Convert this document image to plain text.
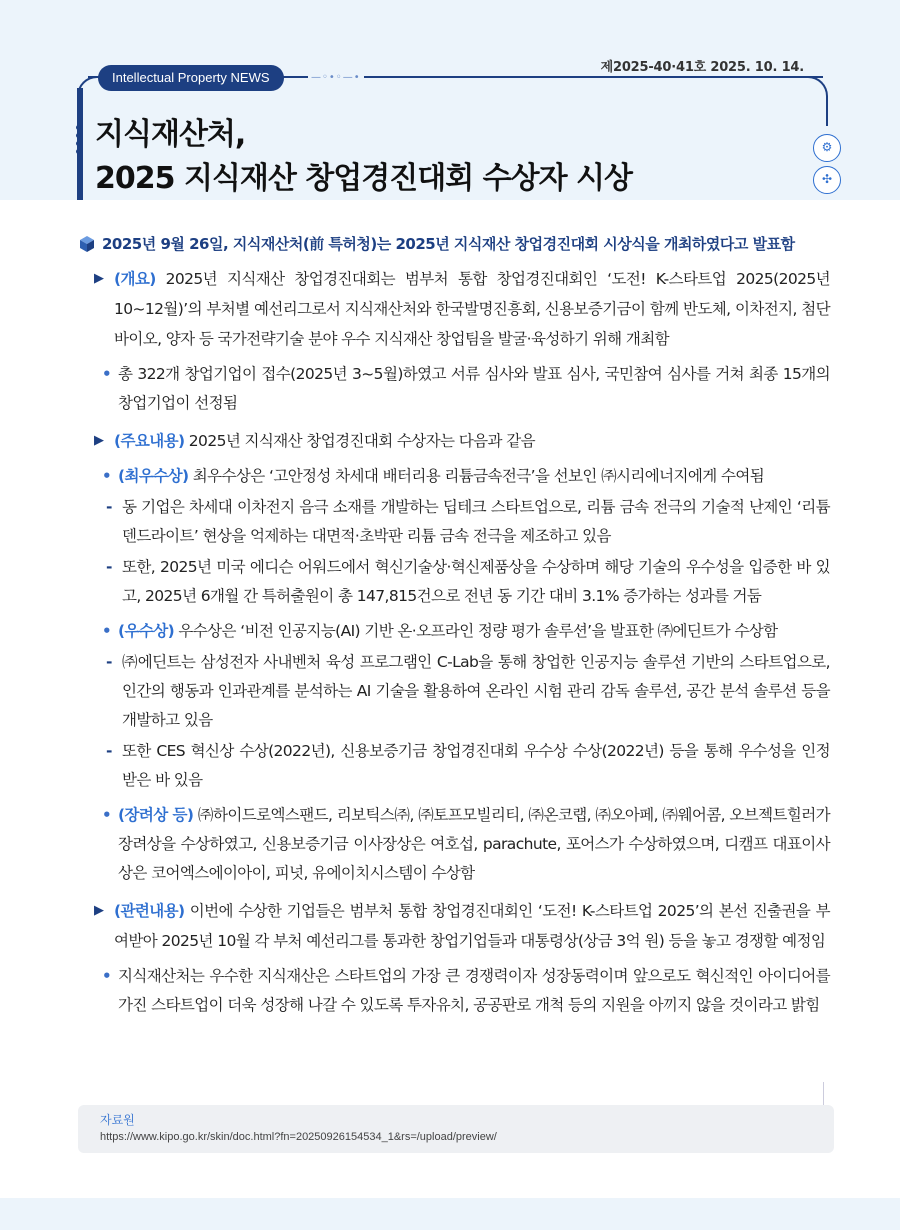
제2025-40·41호 2025. 10. 14.
Intellectual Property NEWS	—◦•◦—•
⚙
✣
지식재산처,
2025 지식재산 창업경진대회 수상자 시상
2025년 9월 26일, 지식재산처(前 특허청)는 2025년 지식재산 창업경진대회 시상식을 개최하였다고 발표함
▶ (개요) 2025년 지식재산 창업경진대회는 범부처 통합 창업경진대회인 ‘도전! K-스타트업 2025(2025년 10~12월)’의 부처별 예선리그로서 지식재산처와 한국발명진흥회, 신용보증기금이 함께 반도체, 이차전지, 첨단바이오, 양자 등 국가전략기술 분야 우수 지식재산 창업팀을 발굴·육성하기 위해 개최함
• 총 322개 창업기업이 접수(2025년 3~5월)하였고 서류 심사와 발표 심사, 국민참여 심사를 거쳐 최종 15개의 창업기업이 선정됨
▶ (주요내용) 2025년 지식재산 창업경진대회 수상자는 다음과 같음
• (최우수상) 최우수상은 ‘고안정성 차세대 배터리용 리튬금속전극’을 선보인 ㈜시리에너지에게 수여됨
- 동 기업은 차세대 이차전지 음극 소재를 개발하는 딥테크 스타트업으로, 리튬 금속 전극의 기술적 난제인 ‘리튬 덴드라이트’ 현상을 억제하는 대면적·초박판 리튬 금속 전극을 제조하고 있음
- 또한, 2025년 미국 에디슨 어워드에서 혁신기술상·혁신제품상을 수상하며 해당 기술의 우수성을 입증한 바 있고, 2025년 6개월 간 특허출원이 총 147,815건으로 전년 동 기간 대비 3.1% 증가하는 성과를 거둠
• (우수상) 우수상은 ‘비전 인공지능(AI) 기반 온·오프라인 정량 평가 솔루션’을 발표한 ㈜에딘트가 수상함
- ㈜에딘트는 삼성전자 사내벤처 육성 프로그램인 C-Lab을 통해 창업한 인공지능 솔루션 기반의 스타트업으로, 인간의 행동과 인과관계를 분석하는 AI 기술을 활용하여 온라인 시험 관리 감독 솔루션, 공간 분석 솔루션 등을 개발하고 있음
- 또한 CES 혁신상 수상(2022년), 신용보증기금 창업경진대회 우수상 수상(2022년) 등을 통해 우수성을 인정받은 바 있음
• (장려상 등) ㈜하이드로엑스팬드, 리보틱스㈜, ㈜토프모빌리티, ㈜온코랩, ㈜오아페, ㈜웨어콤, 오브젝트힐러가 장려상을 수상하였고, 신용보증기금 이사장상은 여호섭, parachute, 포어스가 수상하였으며, 디캠프 대표이사상은 코어엑스에이아이, 피넛, 유에이치시스템이 수상함
▶ (관련내용) 이번에 수상한 기업들은 범부처 통합 창업경진대회인 ‘도전! K-스타트업 2025’의 본선 진출권을 부여받아 2025년 10월 각 부처 예선리그를 통과한 창업기업들과 대통령상(상금 3억 원) 등을 놓고 경쟁할 예정임
• 지식재산처는 우수한 지식재산은 스타트업의 가장 큰 경쟁력이자 성장동력이며 앞으로도 혁신적인 아이디어를 가진 스타트업이 더욱 성장해 나갈 수 있도록 투자유치, 공공판로 개척 등의 지원을 아끼지 않을 것이라고 밝힘
자료원
https://www.kipo.go.kr/skin/doc.html?fn=20250926154534_1&rs=/upload/preview/
